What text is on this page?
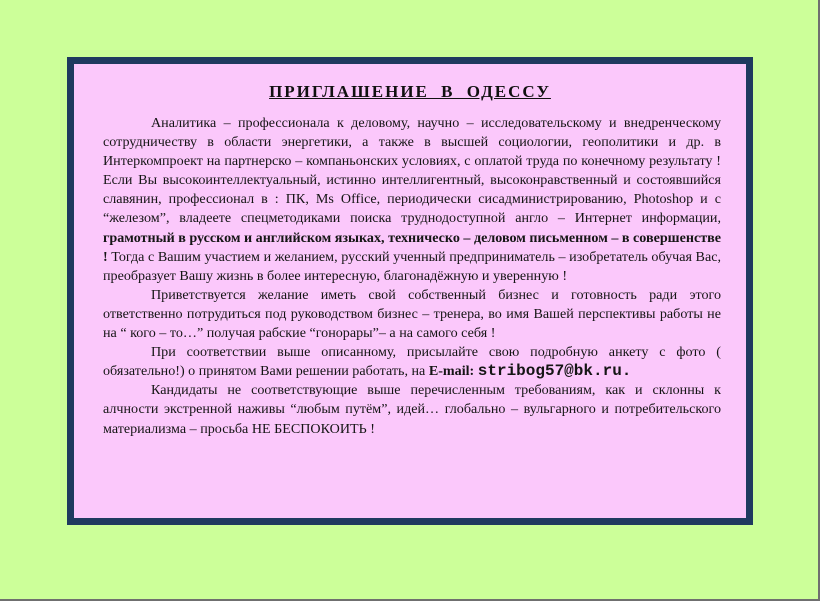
ПРИГЛАШЕНИЕ В ОДЕССУ

Аналитика – профессионала к деловому, научно – исследовательскому и внедренческому сотрудничеству в области энергетики, а также в высшей социологии, геополитики и др. в Интеркомпроект на партнерско – компаньонских условиях, с оплатой труда по конечному результату ! Если Вы высокоинтеллектуальный, истинно интеллигентный, высоконравственный и состоявшийся славянин, профессионал в : ПК, Ms Office, периодически сисадминистрированию, Photoshop и с “железом”, владеете спецметодиками поиска труднодоступной англо – Интернет информации, грамотный в русском и английском языках, техническо – деловом письменном – в совершенстве ! Тогда с Вашим участием и желанием, русский ученный предприниматель – изобретатель обучая Вас, преобразует Вашу жизнь в более интересную, благонадёжную и уверенную !

Приветствуется желание иметь свой собственный бизнес и готовность ради этого ответственно потрудиться под руководством бизнес – тренера, во имя Вашей перспективы работы не на “ кого – то…” получая рабские “гонорары”– а на самого себя !

При соответствии выше описанному, присылайте свою подробную анкету с фото ( обязательно!) о принятом Вами решении работать, на E-mail: stribog57@bk.ru.

Кандидаты не соответствующие выше перечисленным требованиям, как и склонны к алчности экстренной наживы “любым путём”, идей… глобально – вульгарного и потребительского материализма – просьба НЕ БЕСПОКОИТЬ !
